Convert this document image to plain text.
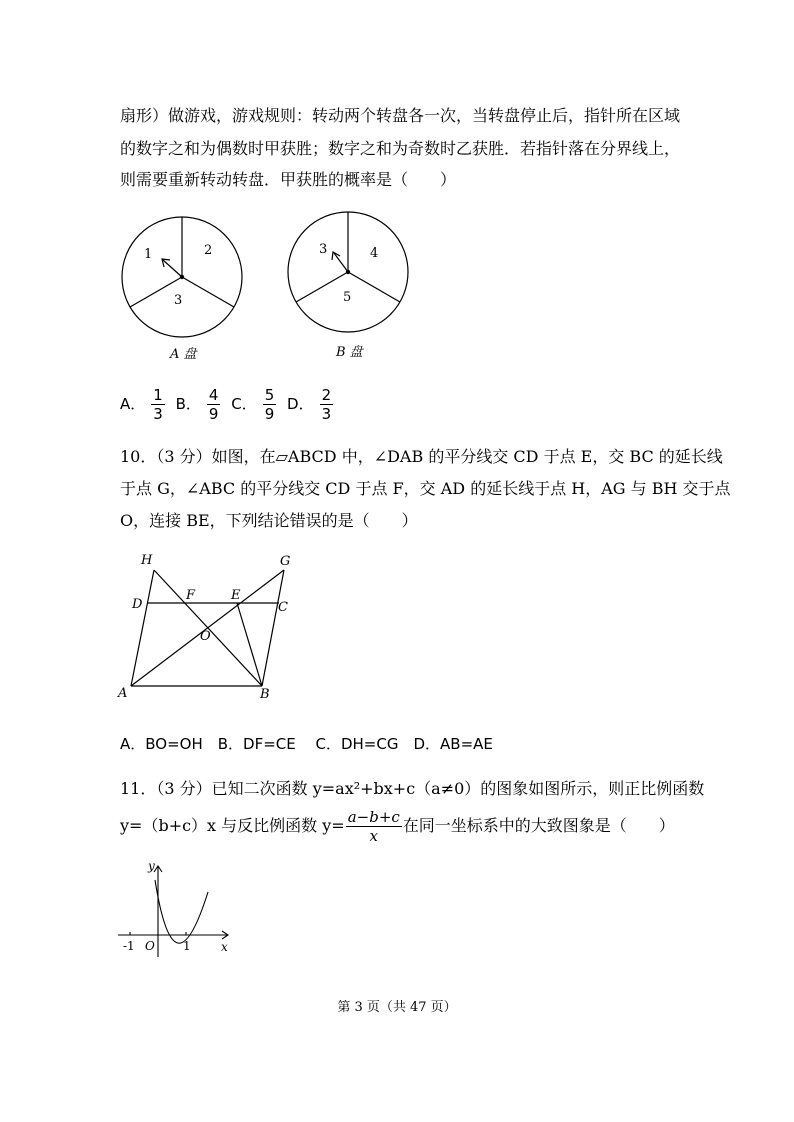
扇形）做游戏，游戏规则：转动两个转盘各一次，当转盘停止后，指针所在区域
的数字之和为偶数时甲获胜；数字之和为奇数时乙获胜．若指针落在分界线上，
则需要重新转动转盘．甲获胜的概率是（　　）
1	2
3
A 盘
3	4
5
B 盘
A． $\frac{1}{3}$ B． $\frac{4}{9}$ C． $\frac{5}{9}$ D． $\frac{2}{3}$
10．（3 分）如图，在▱ABCD 中，∠DAB 的平分线交 CD 于点 E，交 BC 的延长线
于点 G，∠ABC 的平分线交 CD 于点 F，交 AD 的延长线于点 H，AG 与 BH 交于点
O，连接 BE，下列结论错误的是（　　）
H	G
D
F	E
C
O
A	B
A．BO=OH　B．DF=CE　 C．DH=CG　D．AB=AE
11．（3 分）已知二次函数 y=ax²+bx+c（a≠0）的图象如图所示，则正比例函数
y=（b+c）x 与反比例函数 $y= \frac{a-b+c}{x}$ 在同一坐标系中的大致图象是（　　）
y
x
O
-1	1
第 3 页（共 47 页）
